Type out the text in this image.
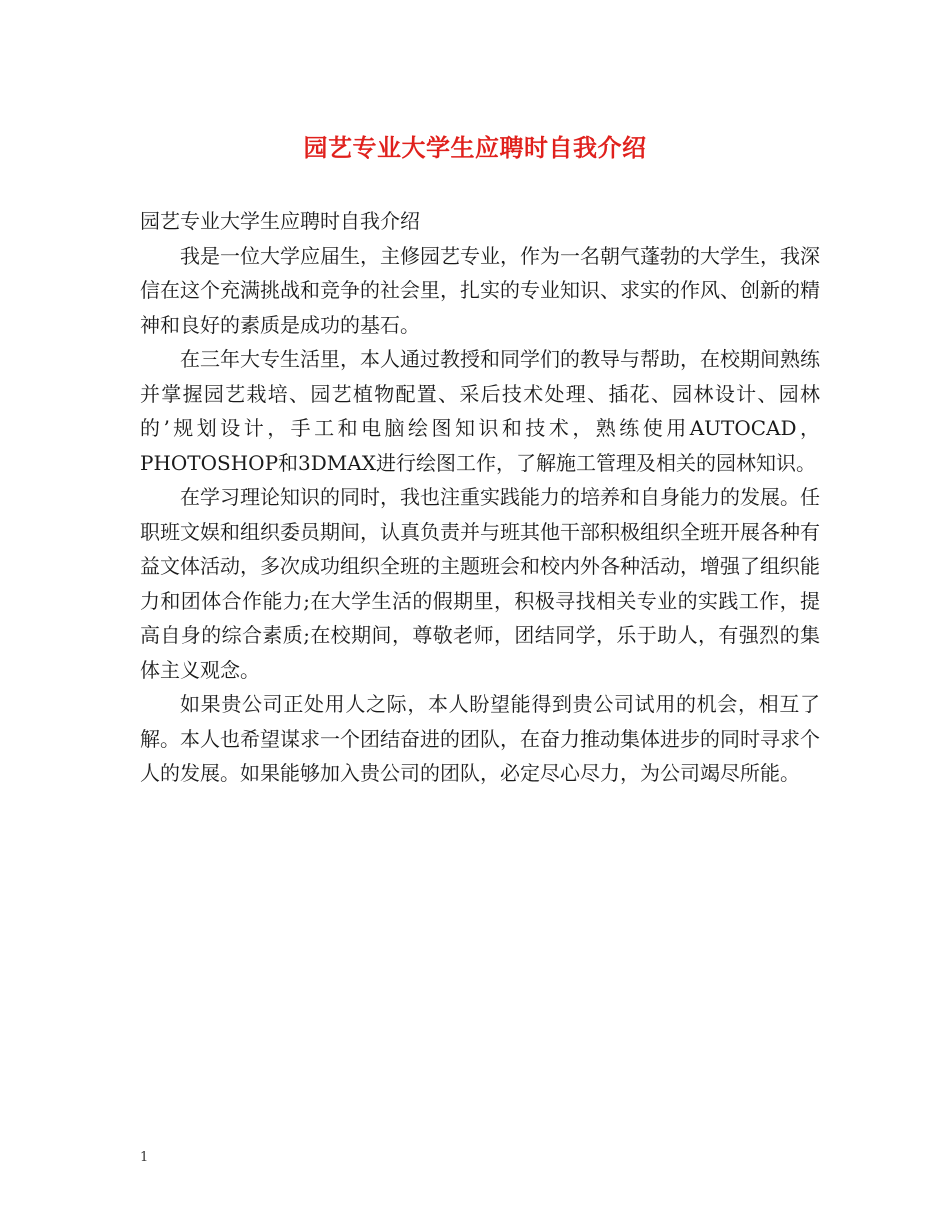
园艺专业大学生应聘时自我介绍

园艺专业大学生应聘时自我介绍

我是一位大学应届生，主修园艺专业，作为一名朝气蓬勃的大学生，我深信在这个充满挑战和竞争的社会里，扎实的专业知识、求实的作风、创新的精神和良好的素质是成功的基石。

在三年大专生活里，本人通过教授和同学们的教导与帮助，在校期间熟练并掌握园艺栽培、园艺植物配置、采后技术处理、插花、园林设计、园林的’规划设计，手工和电脑绘图知识和技术，熟练使用AUTOCAD，PHOTOSHOP和3DMAX进行绘图工作，了解施工管理及相关的园林知识。

在学习理论知识的同时，我也注重实践能力的培养和自身能力的发展。任职班文娱和组织委员期间，认真负责并与班其他干部积极组织全班开展各种有益文体活动，多次成功组织全班的主题班会和校内外各种活动，增强了组织能力和团体合作能力;在大学生活的假期里，积极寻找相关专业的实践工作，提高自身的综合素质;在校期间，尊敬老师，团结同学，乐于助人，有强烈的集体主义观念。

如果贵公司正处用人之际，本人盼望能得到贵公司试用的机会，相互了解。本人也希望谋求一个团结奋进的团队，在奋力推动集体进步的同时寻求个人的发展。如果能够加入贵公司的团队，必定尽心尽力，为公司竭尽所能。

1
